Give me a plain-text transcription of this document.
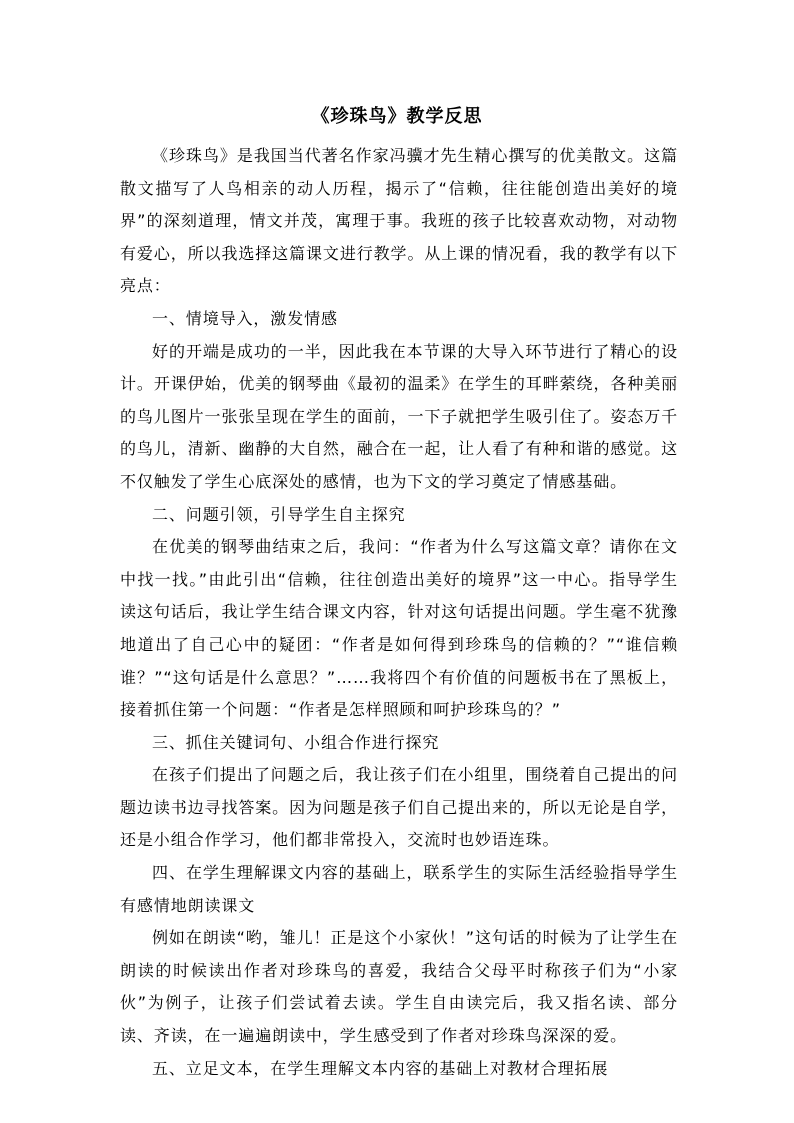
《珍珠鸟》教学反思

《珍珠鸟》是我国当代著名作家冯骥才先生精心撰写的优美散文。这篇散文描写了人鸟相亲的动人历程，揭示了“信赖，往往能创造出美好的境界”的深刻道理，情文并茂，寓理于事。我班的孩子比较喜欢动物，对动物有爱心，所以我选择这篇课文进行教学。从上课的情况看，我的教学有以下亮点：

一、情境导入，激发情感

好的开端是成功的一半，因此我在本节课的大导入环节进行了精心的设计。开课伊始，优美的钢琴曲《最初的温柔》在学生的耳畔萦绕，各种美丽的鸟儿图片一张张呈现在学生的面前，一下子就把学生吸引住了。姿态万千的鸟儿，清新、幽静的大自然，融合在一起，让人看了有种和谐的感觉。这不仅触发了学生心底深处的感情，也为下文的学习奠定了情感基础。

二、问题引领，引导学生自主探究

在优美的钢琴曲结束之后，我问：“作者为什么写这篇文章？请你在文中找一找。”由此引出“信赖，往往创造出美好的境界”这一中心。指导学生读这句话后，我让学生结合课文内容，针对这句话提出问题。学生毫不犹豫地道出了自己心中的疑团：“作者是如何得到珍珠鸟的信赖的？”“谁信赖谁？”“这句话是什么意思？”……我将四个有价值的问题板书在了黑板上，接着抓住第一个问题：“作者是怎样照顾和呵护珍珠鸟的？”

三、抓住关键词句、小组合作进行探究

在孩子们提出了问题之后，我让孩子们在小组里，围绕着自己提出的问题边读书边寻找答案。因为问题是孩子们自己提出来的，所以无论是自学，还是小组合作学习，他们都非常投入，交流时也妙语连珠。

四、在学生理解课文内容的基础上，联系学生的实际生活经验指导学生有感情地朗读课文

例如在朗读“哟，雏儿！正是这个小家伙！”这句话的时候为了让学生在朗读的时候读出作者对珍珠鸟的喜爱，我结合父母平时称孩子们为“小家伙”为例子，让孩子们尝试着去读。学生自由读完后，我又指名读、部分读、齐读，在一遍遍朗读中，学生感受到了作者对珍珠鸟深深的爱。

五、立足文本，在学生理解文本内容的基础上对教材合理拓展
